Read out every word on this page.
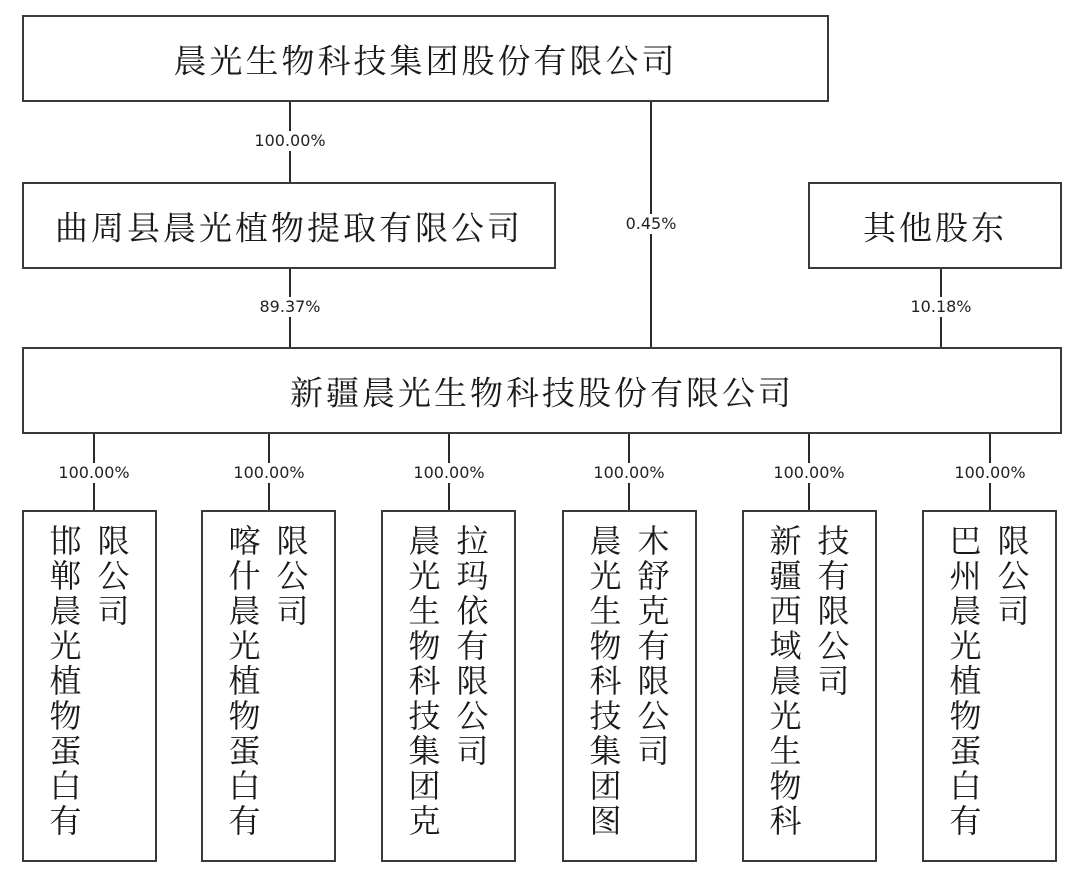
晨光生物科技集团股份有限公司
曲周县晨光植物提取有限公司	其他股东
新疆晨光生物科技股份有限公司
100.00%
0.45%
89.37%	10.18%
100.00%	100.00%	100.00%	100.00%	100.00%	100.00%
邯
郸
晨
光
植
物
蛋
白
有
限
公
司
喀
什
晨
光
植
物
蛋
白
有
限
公
司
晨
光
生
物
科
技
集
团
克
拉
玛
依
有
限
公
司
晨
光
生
物
科
技
集
团
图
木
舒
克
有
限
公
司
新
疆
西
域
晨
光
生
物
科
技
有
限
公
司
巴
州
晨
光
植
物
蛋
白
有
限
公
司
